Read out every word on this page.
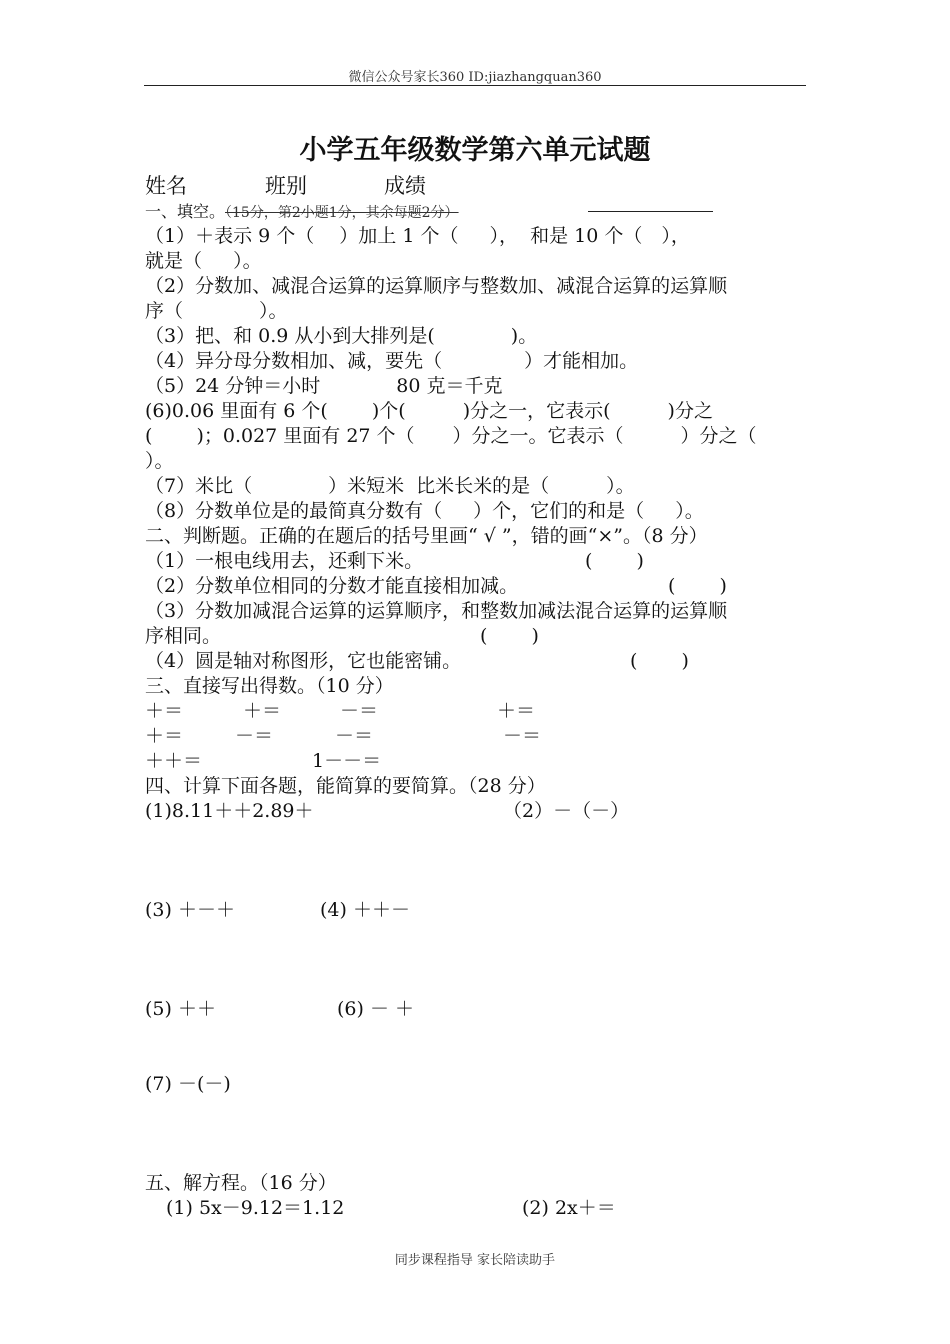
微信公众号家长360 ID:jiazhangquan360
小学五年级数学第六单元试题
姓名	班别	成绩
一、填空。（15分，第2小题1分，其余每题2分）
（1）＋表示 9 个（　 ）加上 1 个（　  ），  和是 10 个（　），
就是（　  ）。
（2）分数加、减混合运算的运算顺序与整数加、减混合运算的运算顺
序（　　　　）。
（3）把、和 0.9 从小到大排列是(　　　　)。
（4）异分母分数相加、减，要先（　　　　 ）才能相加。
（5）24 分钟＝小时　　　　80 克＝千克
(6)0.06 里面有 6 个(　　 )个(　　　)分之一，它表示(　　　)分之
(　　 )；0.027 里面有 27 个（　　）分之一。它表示（　　　）分之（
）。
（7）米比（　　　　）米短米  比米长米的是（　　　）。
（8）分数单位是的最简真分数有（　  ）个，它们的和是（　  ）。
二、判断题。正确的在题后的括号里画“ √ ”，错的画“×”。（8 分）
（1）一根电线用去，还剩下米。	(　　 )
（2）分数单位相同的分数才能直接相加减。	(　　 )
（3）分数加减混合运算的运算顺序，和整数加减法混合运算的运算顺
序相同。	(　　 )
（4）圆是轴对称图形，它也能密铺。	(　　 )
三、直接写出得数。（10 分）
＋＝	＋＝	－＝	＋＝
＋＝	－＝	－＝	－＝
＋＋＝	1－－＝
四、计算下面各题，能简算的要简算。（28 分）
(1)8.11＋＋2.89＋	（2）－（－）
(3) ＋－＋	(4) ＋＋－
(5) ＋＋	(6) － ＋
(7) －(－)
五、解方程。（16 分）
(1) 5x－9.12＝1.12	(2) 2x＋＝
同步课程指导 家长陪读助手
